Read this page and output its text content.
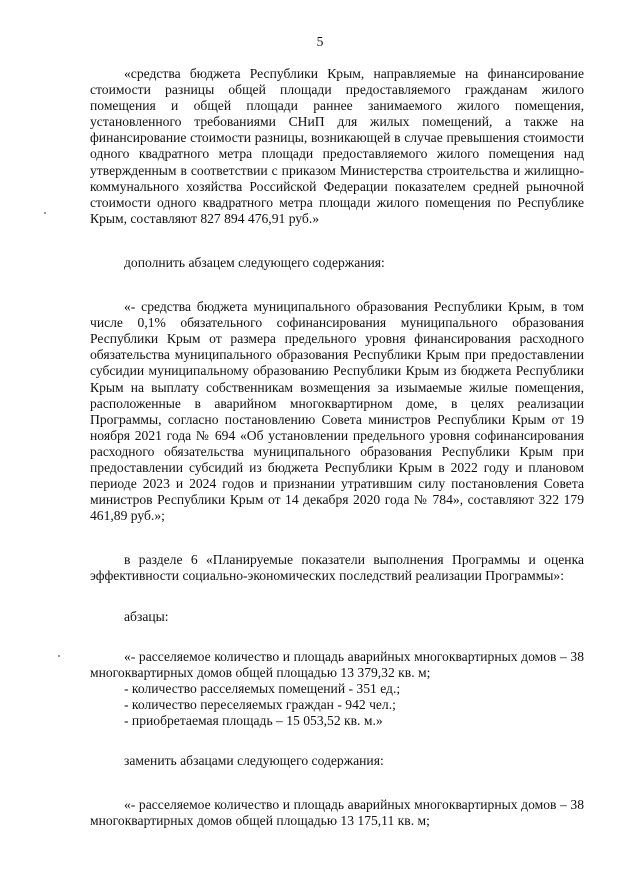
5

«средства бюджета Республики Крым, направляемые на финансирование стоимости разницы общей площади предоставляемого гражданам жилого помещения и общей площади раннее занимаемого жилого помещения, установленного требованиями СНиП для жилых помещений, а также на финансирование стоимости разницы, возникающей в случае превышения стоимости одного квадратного метра площади предоставляемого жилого помещения над утвержденным в соответствии с приказом Министерства строительства и жилищно-коммунального хозяйства Российской Федерации показателем средней рыночной стоимости одного квадратного метра площади жилого помещения по Республике Крым, составляют 827 894 476,91 руб.»

дополнить абзацем следующего содержания:

«- средства бюджета муниципального образования Республики Крым, в том числе 0,1% обязательного софинансирования муниципального образования Республики Крым от размера предельного уровня финансирования расходного обязательства муниципального образования Республики Крым при предоставлении субсидии муниципальному образованию Республики Крым из бюджета Республики Крым на выплату собственникам возмещения за изымаемые жилые помещения, расположенные в аварийном многоквартирном доме, в целях реализации Программы, согласно постановлению Совета министров Республики Крым от 19 ноября 2021 года № 694 «Об установлении предельного уровня софинансирования расходного обязательства муниципального образования Республики Крым при предоставлении субсидий из бюджета Республики Крым в 2022 году и плановом периоде 2023 и 2024 годов и признании утратившим силу постановления Совета министров Республики Крым от 14 декабря 2020 года № 784», составляют 322 179 461,89 руб.»;

в разделе 6 «Планируемые показатели выполнения Программы и оценка эффективности социально-экономических последствий реализации Программы»:

абзацы:

«- расселяемое количество и площадь аварийных многоквартирных домов – 38 многоквартирных домов общей площадью 13 379,32 кв. м;

- количество расселяемых помещений - 351 ед.;

- количество переселяемых граждан - 942 чел.;

- приобретаемая площадь – 15 053,52 кв. м.»

заменить абзацами следующего содержания:

«- расселяемое количество и площадь аварийных многоквартирных домов – 38 многоквартирных домов общей площадью 13 175,11 кв. м;
